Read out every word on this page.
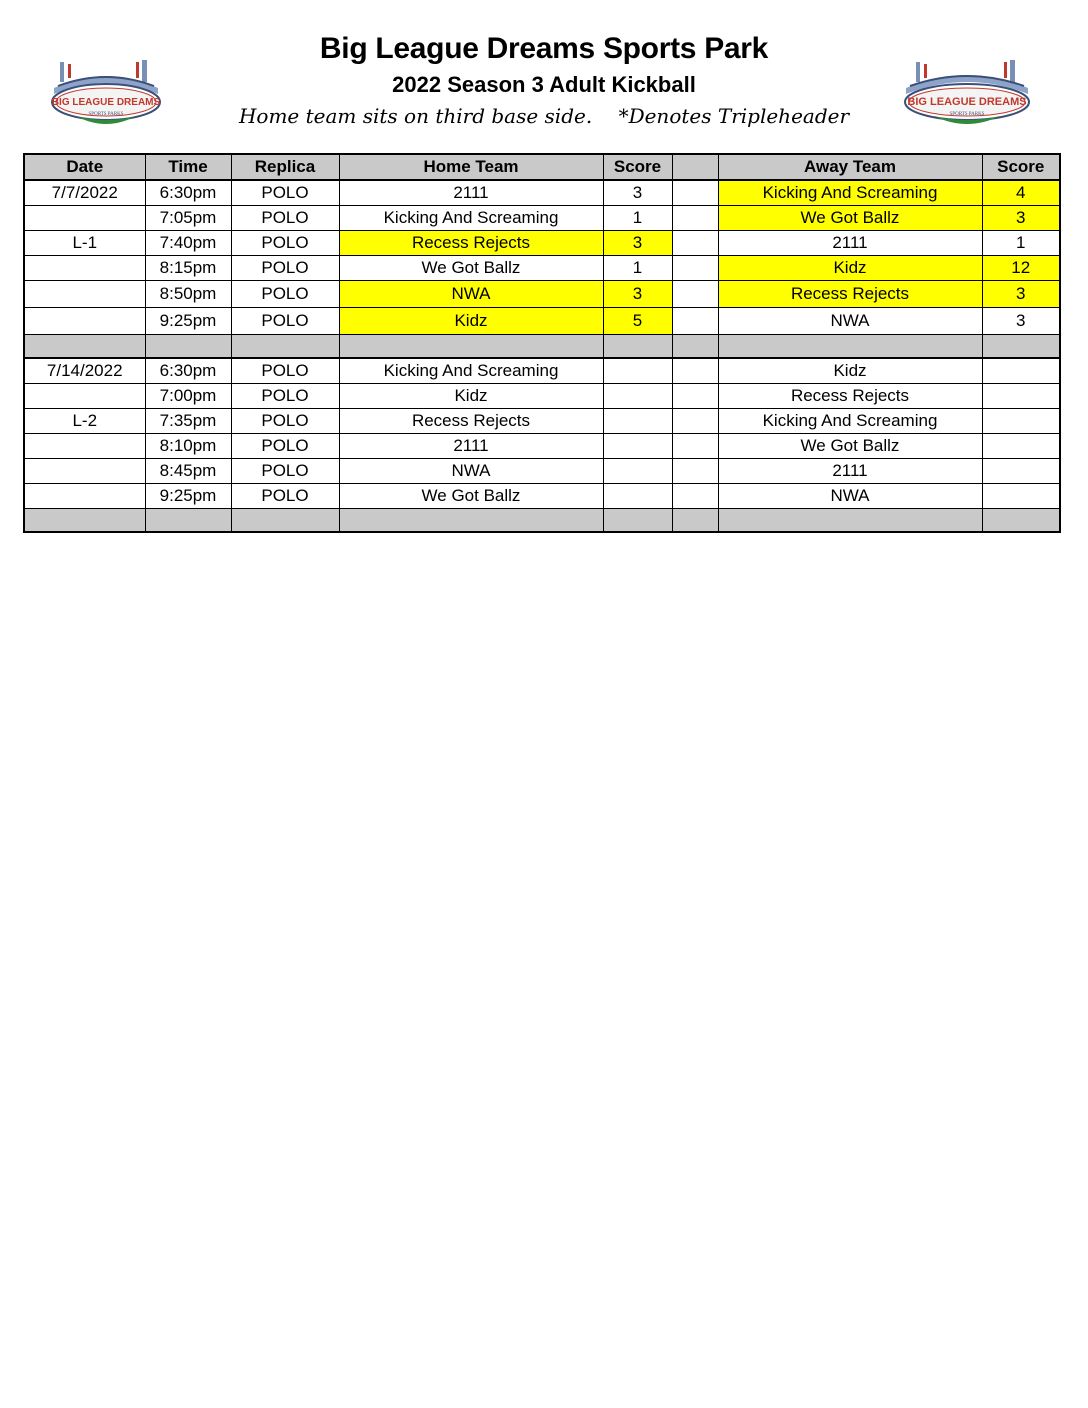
BIG LEAGUE DREAMS
SPORTS PARKS
Big League Dreams Sports Park
2022 Season 3 Adult Kickball
Home team sits on third base side. *Denotes Tripleheader
BIG LEAGUE DREAMS
SPORTS PARKS
Date	Time	Replica	Home Team	Score		Away Team	Score
7/7/2022	6:30pm	POLO	2111	3		Kicking And Screaming	4
	7:05pm	POLO	Kicking And Screaming	1		We Got Ballz	3
L-1	7:40pm	POLO	Recess Rejects	3		2111	1
	8:15pm	POLO	We Got Ballz	1		Kidz	12
	8:50pm	POLO	NWA	3		Recess Rejects	3
	9:25pm	POLO	Kidz	5		NWA	3

7/14/2022	6:30pm	POLO	Kicking And Screaming			Kidz	
	7:00pm	POLO	Kidz			Recess Rejects	
L-2	7:35pm	POLO	Recess Rejects			Kicking And Screaming	
	8:10pm	POLO	2111			We Got Ballz	
	8:45pm	POLO	NWA			2111	
	9:25pm	POLO	We Got Ballz			NWA	
